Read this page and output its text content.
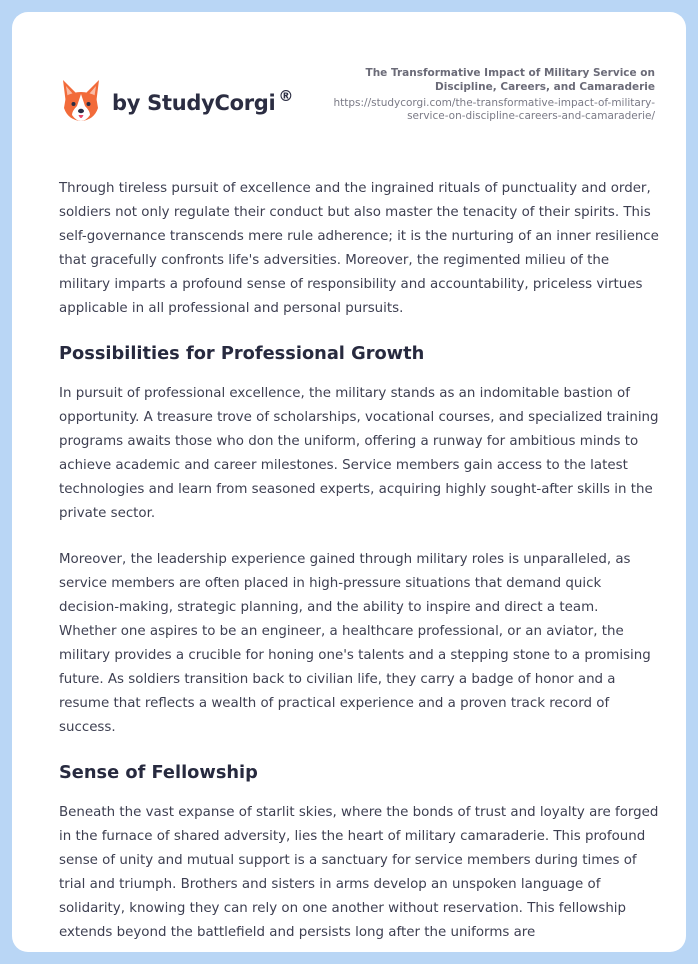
by StudyCorgi ®
The Transformative Impact of Military Service on Discipline, Careers, and Camaraderie
https://studycorgi.com/the-transformative-impact-of-military-service-on-discipline-careers-and-camaraderie/

Through tireless pursuit of excellence and the ingrained rituals of punctuality and order, soldiers not only regulate their conduct but also master the tenacity of their spirits. This self-governance transcends mere rule adherence; it is the nurturing of an inner resilience that gracefully confronts life's adversities. Moreover, the regimented milieu of the military imparts a profound sense of responsibility and accountability, priceless virtues applicable in all professional and personal pursuits.

Possibilities for Professional Growth

In pursuit of professional excellence, the military stands as an indomitable bastion of opportunity. A treasure trove of scholarships, vocational courses, and specialized training programs awaits those who don the uniform, offering a runway for ambitious minds to achieve academic and career milestones. Service members gain access to the latest technologies and learn from seasoned experts, acquiring highly sought-after skills in the private sector.

Moreover, the leadership experience gained through military roles is unparalleled, as service members are often placed in high-pressure situations that demand quick decision-making, strategic planning, and the ability to inspire and direct a team. Whether one aspires to be an engineer, a healthcare professional, or an aviator, the military provides a crucible for honing one's talents and a stepping stone to a promising future. As soldiers transition back to civilian life, they carry a badge of honor and a resume that reflects a wealth of practical experience and a proven track record of success.

Sense of Fellowship

Beneath the vast expanse of starlit skies, where the bonds of trust and loyalty are forged in the furnace of shared adversity, lies the heart of military camaraderie. This profound sense of unity and mutual support is a sanctuary for service members during times of trial and triumph. Brothers and sisters in arms develop an unspoken language of solidarity, knowing they can rely on one another without reservation. This fellowship extends beyond the battlefield and persists long after the uniforms are
